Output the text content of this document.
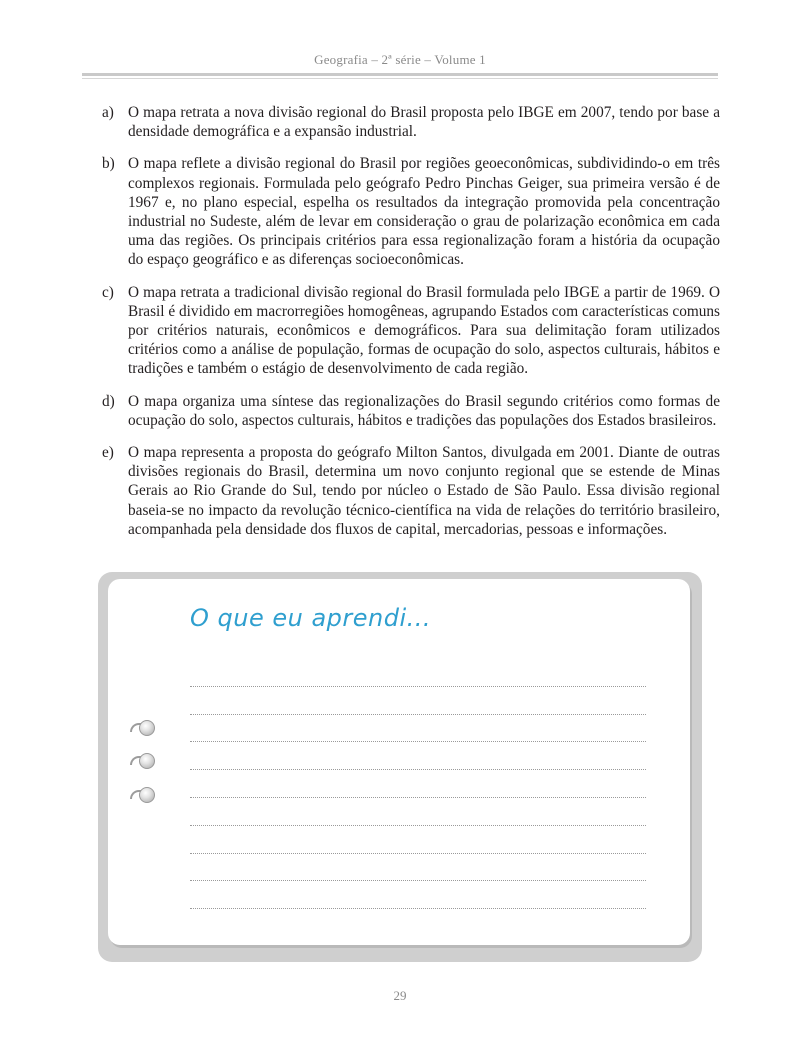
Geografia – 2ª série – Volume 1
a) O mapa retrata a nova divisão regional do Brasil proposta pelo IBGE em 2007, tendo por base a densidade demográfica e a expansão industrial.
b) O mapa reflete a divisão regional do Brasil por regiões geoeconômicas, subdividindo-o em três complexos regionais. Formulada pelo geógrafo Pedro Pinchas Geiger, sua primeira versão é de 1967 e, no plano especial, espelha os resultados da integração promovida pela concentração industrial no Sudeste, além de levar em consideração o grau de polarização econômica em cada uma das regiões. Os principais critérios para essa regionalização foram a história da ocupação do espaço geográfico e as diferenças socioeconômicas.
c) O mapa retrata a tradicional divisão regional do Brasil formulada pelo IBGE a partir de 1969. O Brasil é dividido em macrorregiões homogêneas, agrupando Estados com características comuns por critérios naturais, econômicos e demográficos. Para sua delimitação foram utilizados critérios como a análise de população, formas de ocupação do solo, aspectos culturais, hábitos e tradições e também o estágio de desenvolvimento de cada região.
d) O mapa organiza uma síntese das regionalizações do Brasil segundo critérios como formas de ocupação do solo, aspectos culturais, hábitos e tradições das populações dos Estados brasileiros.
e) O mapa representa a proposta do geógrafo Milton Santos, divulgada em 2001. Diante de outras divisões regionais do Brasil, determina um novo conjunto regional que se estende de Minas Gerais ao Rio Grande do Sul, tendo por núcleo o Estado de São Paulo. Essa divisão regional baseia-se no impacto da revolução técnico-científica na vida de relações do território brasileiro, acompanhada pela densidade dos fluxos de capital, mercadorias, pessoas e informações.
O que eu aprendi...
29
